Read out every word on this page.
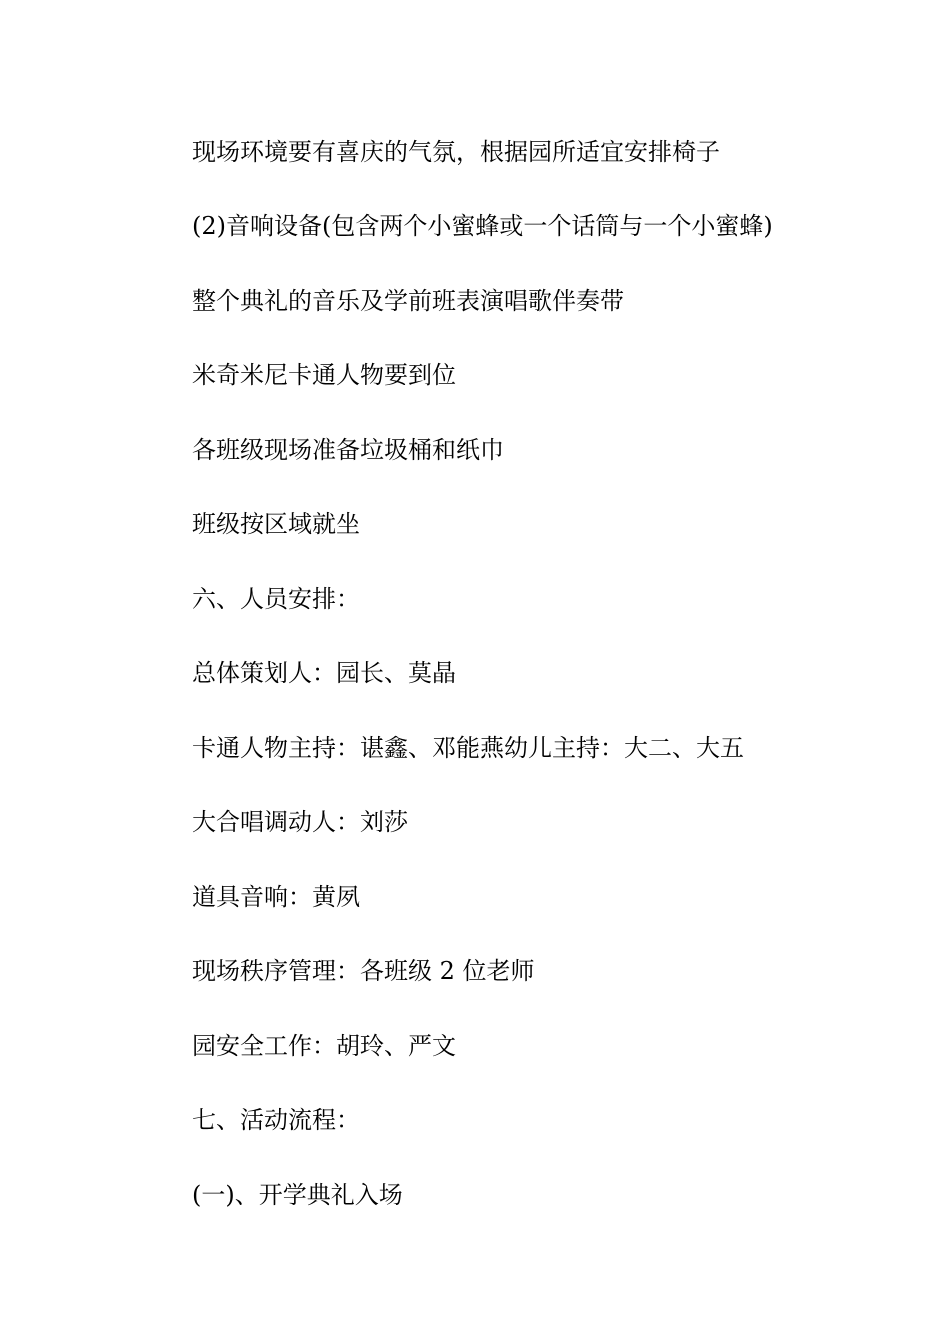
现场环境要有喜庆的气氛，根据园所适宜安排椅子

(2)音响设备(包含两个小蜜蜂或一个话筒与一个小蜜蜂)

整个典礼的音乐及学前班表演唱歌伴奏带

米奇米尼卡通人物要到位

各班级现场准备垃圾桶和纸巾

班级按区域就坐

六、人员安排：

总体策划人：园长、莫晶

卡通人物主持：谌鑫、邓能燕幼儿主持：大二、大五

大合唱调动人：刘莎

道具音响：黄夙

现场秩序管理：各班级 2 位老师

园安全工作：胡玲、严文

七、活动流程：

(一)、开学典礼入场
